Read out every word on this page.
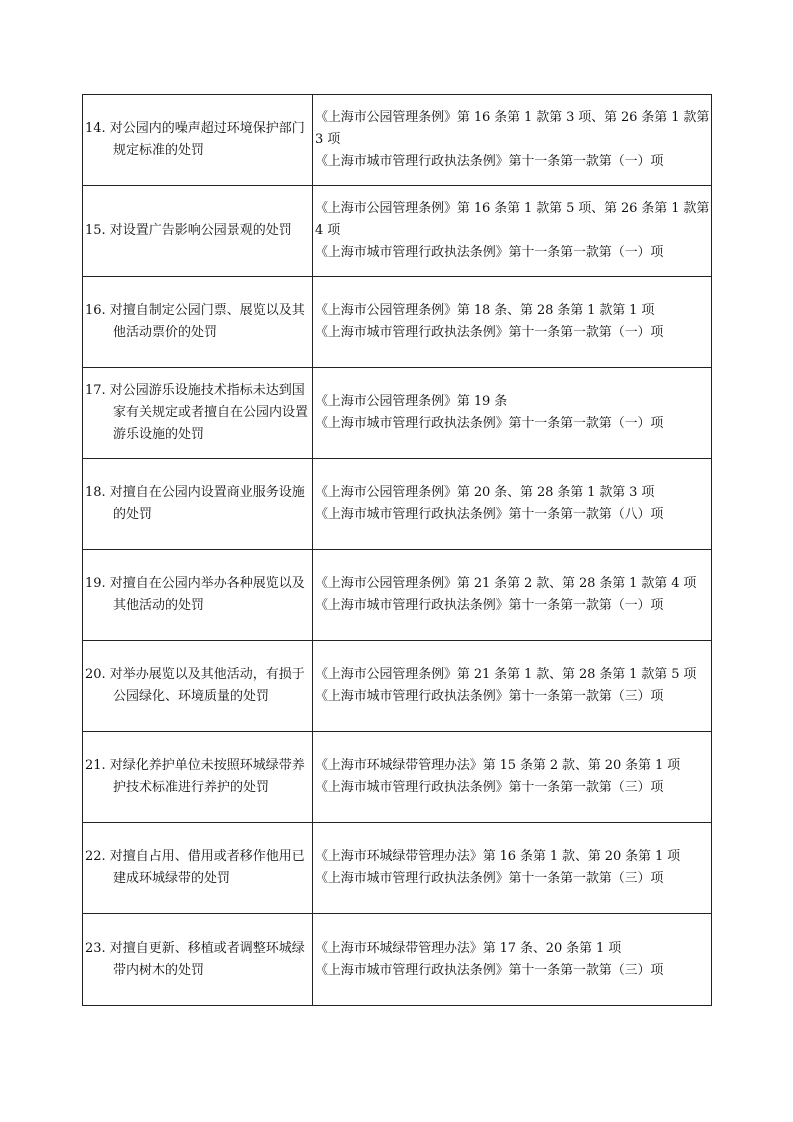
14. 对公园内的噪声超过环境保护部门规定标准的处罚	《上海市公园管理条例》第 16 条第 1 款第 3 项、第 26 条第 1 款第 3 项
《上海市城市管理行政执法条例》第十一条第一款第（一）项

15. 对设置广告影响公园景观的处罚	《上海市公园管理条例》第 16 条第 1 款第 5 项、第 26 条第 1 款第 4 项
《上海市城市管理行政执法条例》第十一条第一款第（一）项

16. 对擅自制定公园门票、展览以及其他活动票价的处罚	《上海市公园管理条例》第 18 条、第 28 条第 1 款第 1 项
《上海市城市管理行政执法条例》第十一条第一款第（一）项

17. 对公园游乐设施技术指标未达到国家有关规定或者擅自在公园内设置游乐设施的处罚	《上海市公园管理条例》第 19 条
《上海市城市管理行政执法条例》第十一条第一款第（一）项

18. 对擅自在公园内设置商业服务设施的处罚	《上海市公园管理条例》第 20 条、第 28 条第 1 款第 3 项
《上海市城市管理行政执法条例》第十一条第一款第（八）项

19. 对擅自在公园内举办各种展览以及其他活动的处罚	《上海市公园管理条例》第 21 条第 2 款、第 28 条第 1 款第 4 项
《上海市城市管理行政执法条例》第十一条第一款第（一）项

20. 对举办展览以及其他活动，有损于公园绿化、环境质量的处罚	《上海市公园管理条例》第 21 条第 1 款、第 28 条第 1 款第 5 项
《上海市城市管理行政执法条例》第十一条第一款第（三）项

21. 对绿化养护单位未按照环城绿带养护技术标准进行养护的处罚	《上海市环城绿带管理办法》第 15 条第 2 款、第 20 条第 1 项
《上海市城市管理行政执法条例》第十一条第一款第（三）项

22. 对擅自占用、借用或者移作他用已建成环城绿带的处罚	《上海市环城绿带管理办法》第 16 条第 1 款、第 20 条第 1 项
《上海市城市管理行政执法条例》第十一条第一款第（三）项

23. 对擅自更新、移植或者调整环城绿带内树木的处罚	《上海市环城绿带管理办法》第 17 条、20 条第 1 项
《上海市城市管理行政执法条例》第十一条第一款第（三）项
